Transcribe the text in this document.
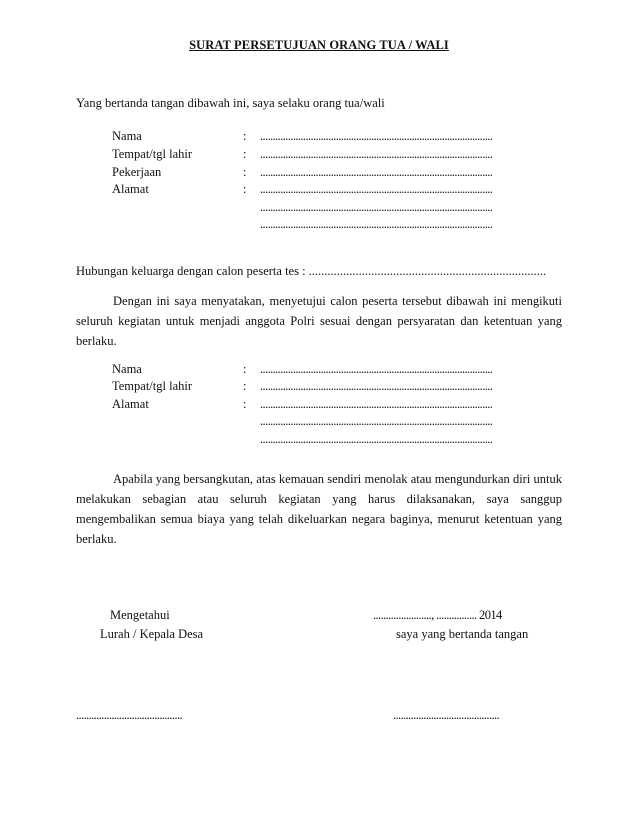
SURAT PERSETUJUAN ORANG TUA / WALI
Yang bertanda tangan dibawah ini, saya selaku orang tua/wali
Nama	: ............................................................................................
Tempat/tgl lahir	: ............................................................................................
Pekerjaan	: ............................................................................................
Alamat	: ............................................................................................
............................................................................................
............................................................................................
Hubungan keluarga dengan calon peserta tes : ............................................................................
Dengan ini saya menyatakan, menyetujui calon peserta tersebut dibawah ini mengikuti seluruh kegiatan untuk menjadi anggota Polri sesuai dengan persyaratan dan ketentuan yang berlaku.
Nama	: ............................................................................................
Tempat/tgl lahir	: ............................................................................................
Alamat	: ............................................................................................
............................................................................................
............................................................................................
Apabila yang bersangkutan, atas kemauan sendiri menolak atau mengundurkan diri untuk melakukan sebagian atau seluruh kegiatan yang harus dilaksanakan, saya sanggup mengembalikan semua biaya yang telah dikeluarkan negara baginya, menurut ketentuan yang berlaku.
Mengetahui
Lurah / Kepala Desa
......................., ................ 2014
saya yang bertanda tangan
..........................................	..........................................
